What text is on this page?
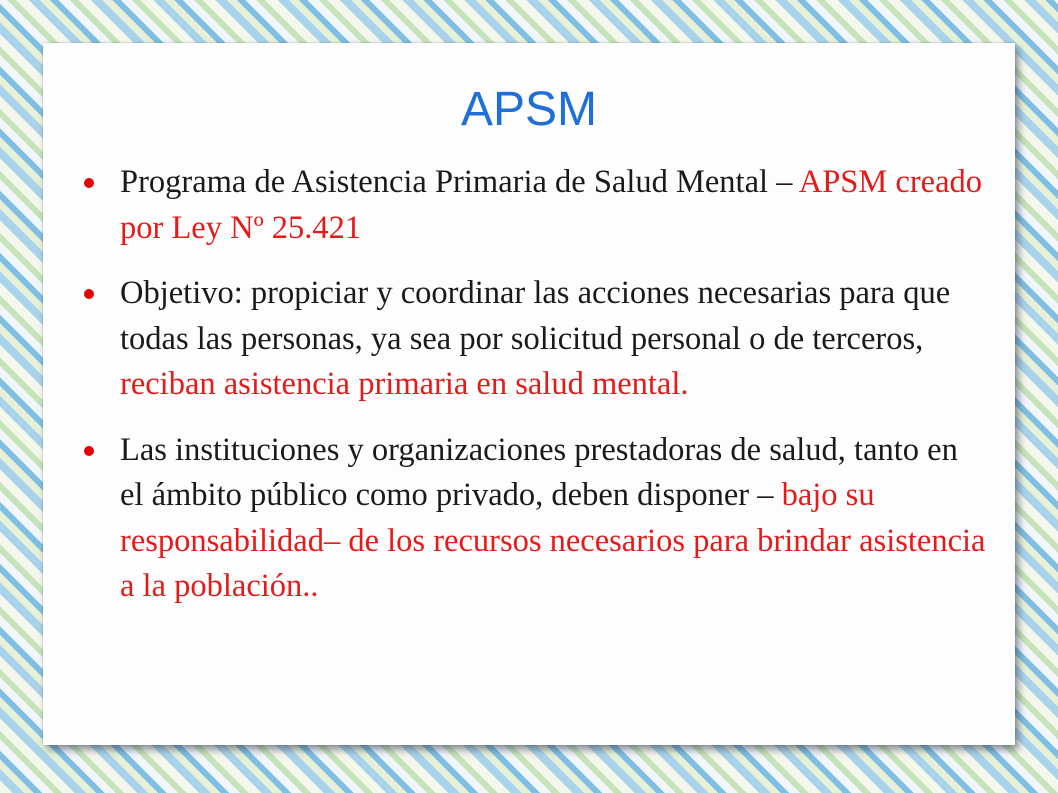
APSM
Programa de Asistencia Primaria de Salud Mental – APSM creado por Ley Nº 25.421
Objetivo: propiciar y coordinar las acciones necesarias para que todas las personas, ya sea por solicitud personal o de terceros, reciban asistencia primaria en salud mental.
Las instituciones y organizaciones prestadoras de salud, tanto en el ámbito público como privado, deben disponer – bajo su responsabilidad– de los recursos necesarios para brindar asistencia a la población..
